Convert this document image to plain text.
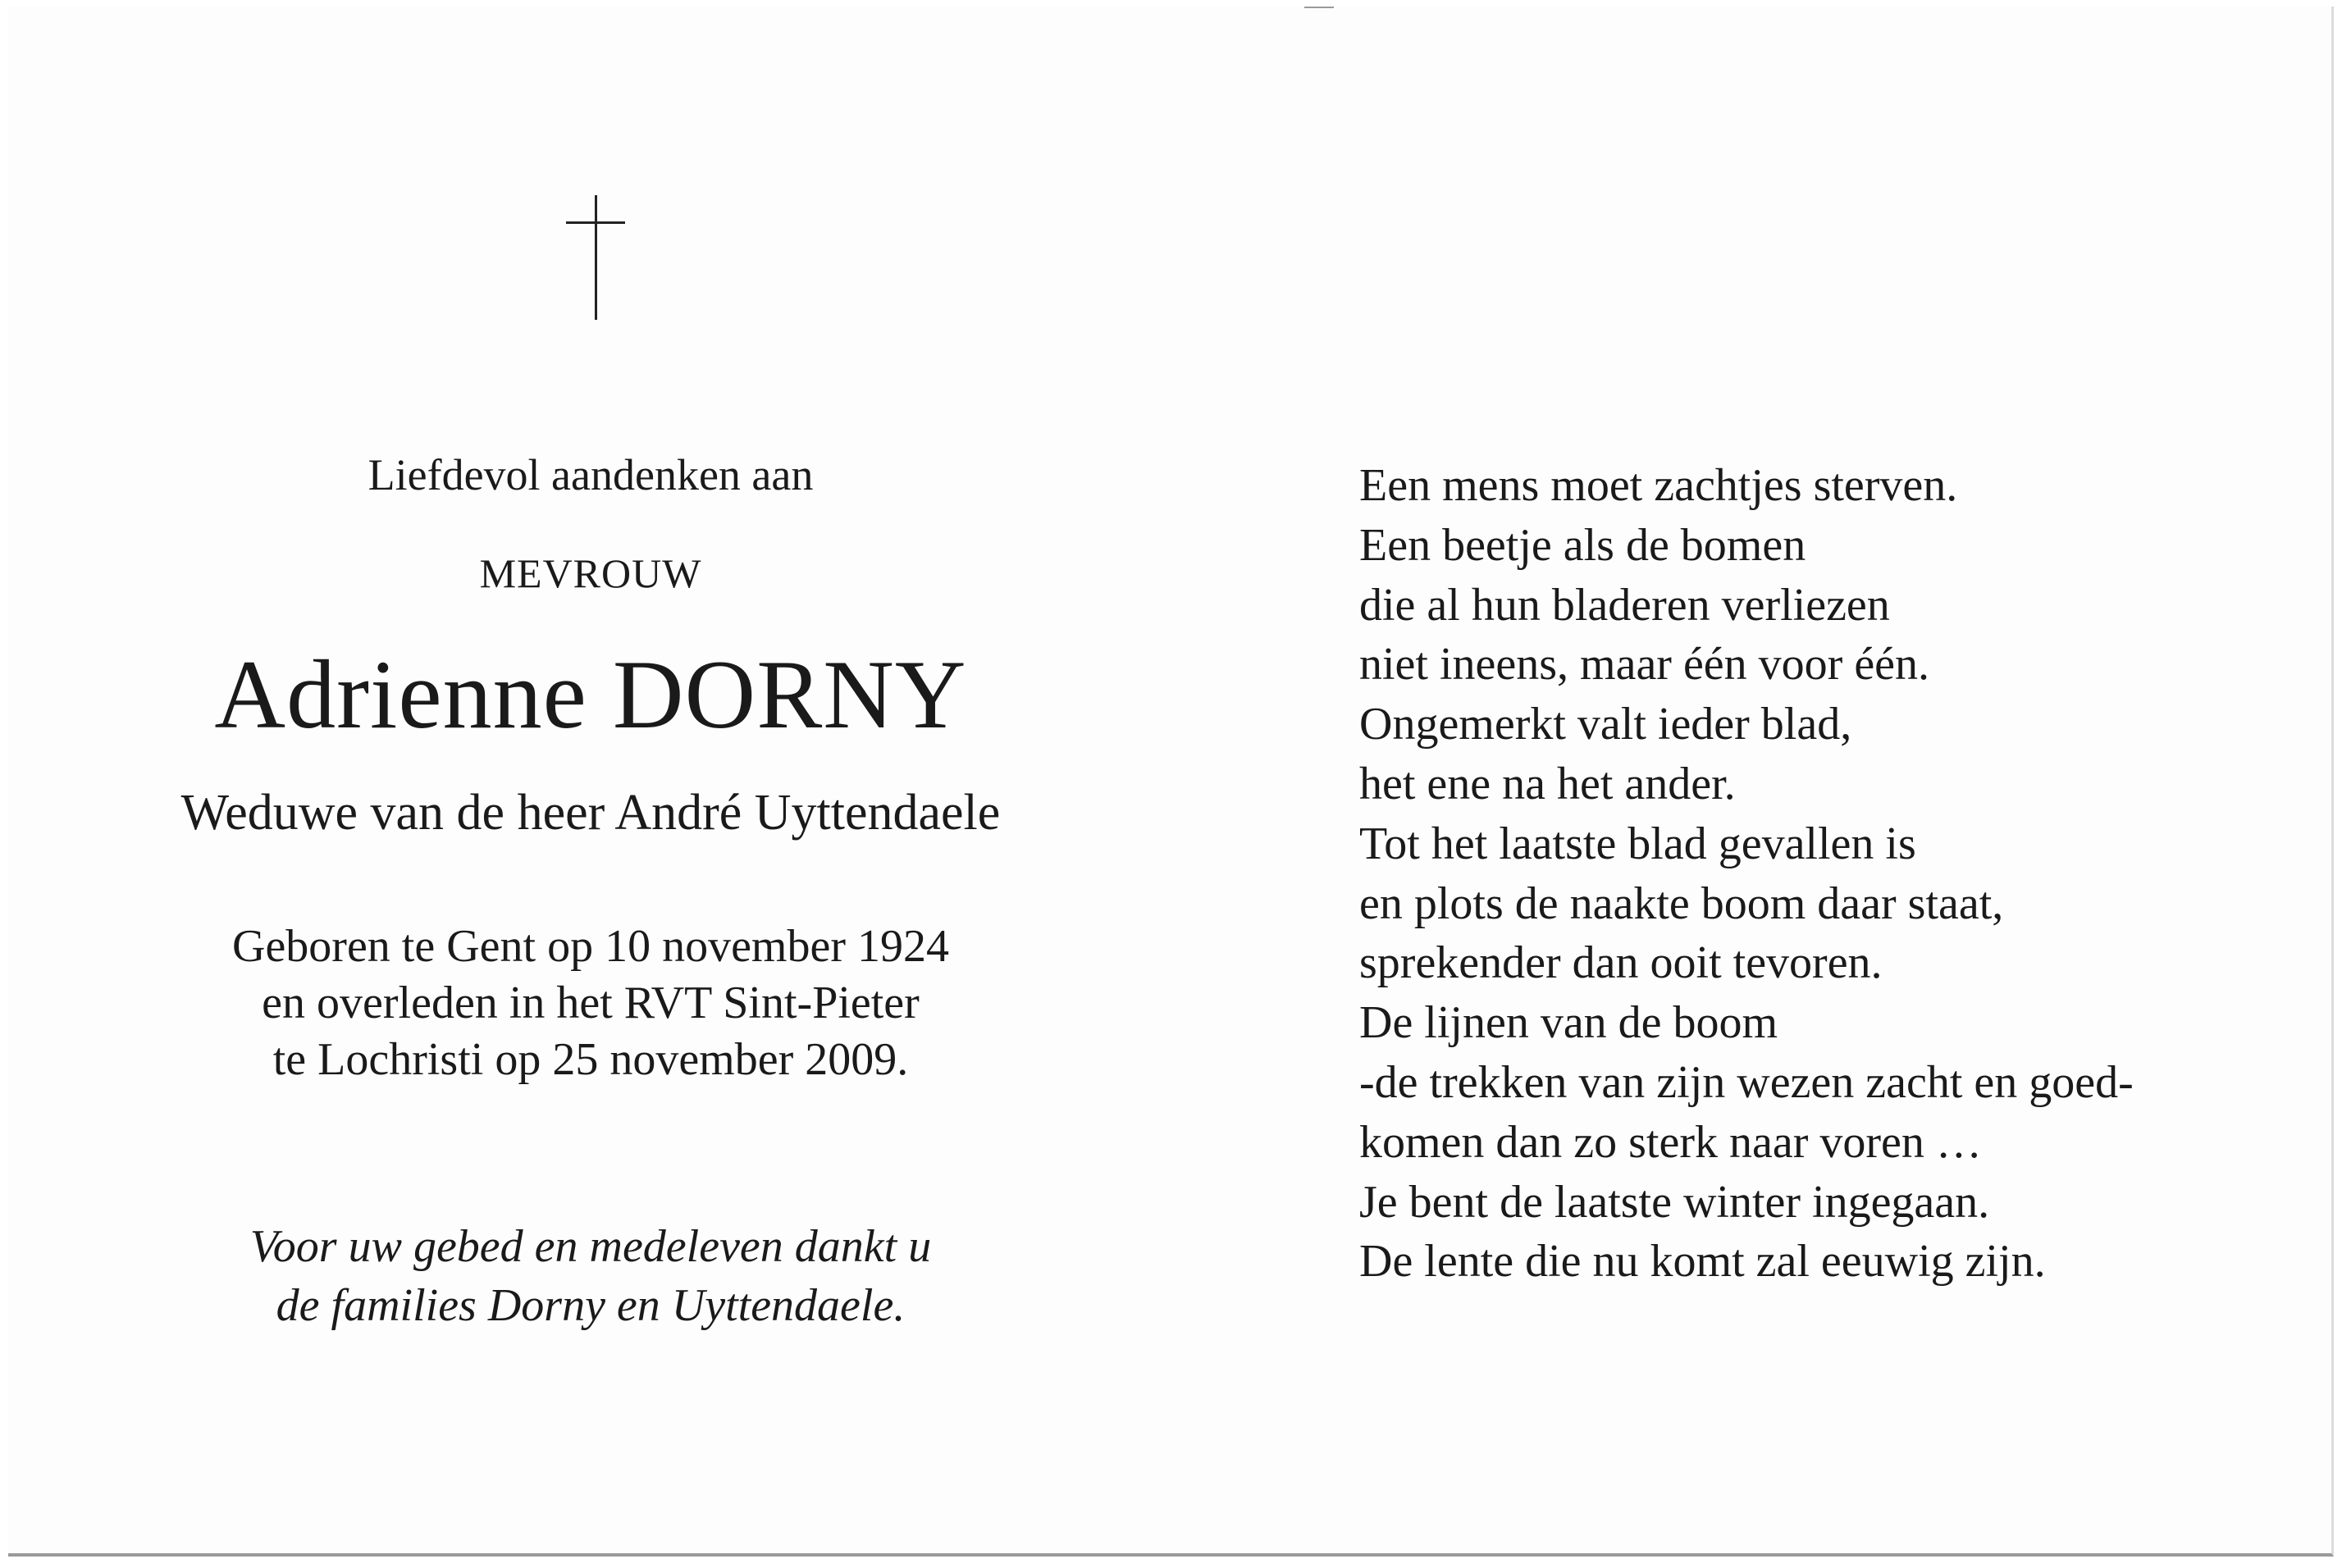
Liefdevol aandenken aan
MEVROUW
Adrienne DORNY
Weduwe van de heer André Uyttendaele
Geboren te Gent op 10 november 1924
en overleden in het RVT Sint-Pieter
te Lochristi op 25 november 2009.
Voor uw gebed en medeleven dankt u
de families Dorny en Uyttendaele.
Een mens moet zachtjes sterven.
Een beetje als de bomen
die al hun bladeren verliezen
niet ineens, maar één voor één.
Ongemerkt valt ieder blad,
het ene na het ander.
Tot het laatste blad gevallen is
en plots de naakte boom daar staat,
sprekender dan ooit tevoren.
De lijnen van de boom
-de trekken van zijn wezen zacht en goed-
komen dan zo sterk naar voren …
Je bent de laatste winter ingegaan.
De lente die nu komt zal eeuwig zijn.
